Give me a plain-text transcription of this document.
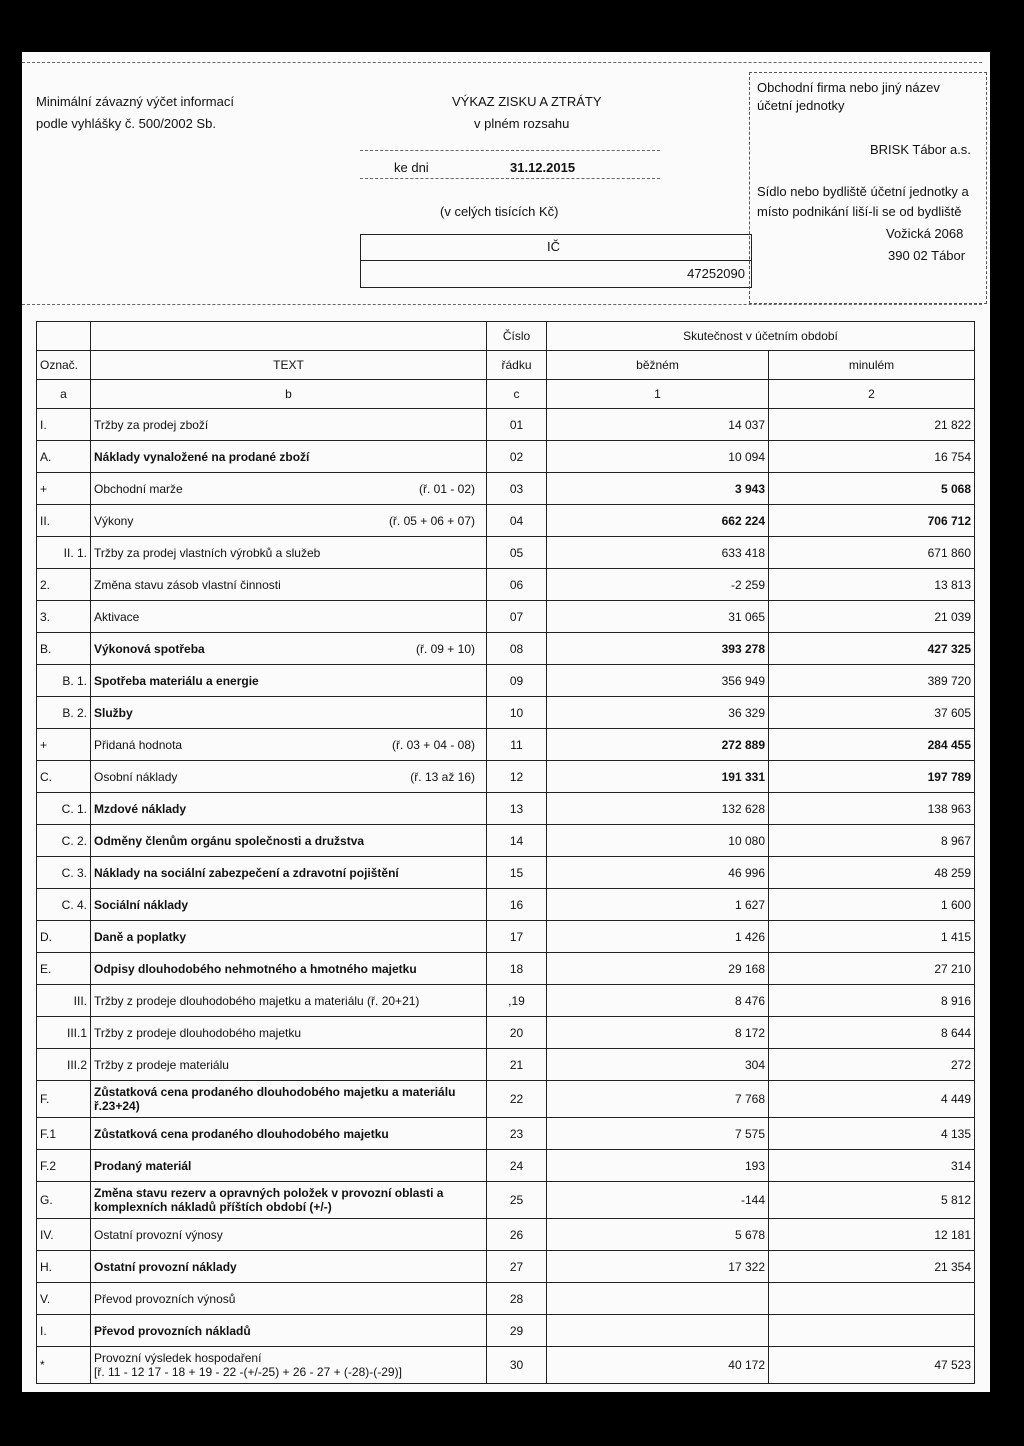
Minimální závazný výčet informací
podle vyhlášky č. 500/2002 Sb.
VÝKAZ ZISKU A ZTRÁTY
v plném rozsahu
ke dni	31.12.2015
(v celých tisících Kč)
IČ
47252090
Obchodní firma nebo jiný název
účetní jednotky
BRISK Tábor a.s.
Sídlo nebo bydliště účetní jednotky a
místo podnikání liší-li se od bydliště
Vožická 2068
390 02 Tábor
		Číslo	Skutečnost v účetním období	
Označ.	TEXT	řádku	běžném	minulém
a	b	c	1	2
I.	Tržby za prodej zboží	01	14 037	21 822
A.	Náklady vynaložené na prodané zboží	02	10 094	16 754
+	Obchodní marže (ř. 01 - 02)	03	3 943	5 068
II.	Výkony (ř. 05 + 06 + 07)	04	662 224	706 712
II. 1.	Tržby za prodej vlastních výrobků a služeb	05	633 418	671 860
2.	Změna stavu zásob vlastní činnosti	06	-2 259	13 813
3.	Aktivace	07	31 065	21 039
B.	Výkonová spotřeba (ř. 09 + 10)	08	393 278	427 325
B. 1.	Spotřeba materiálu a energie	09	356 949	389 720
B. 2.	Služby	10	36 329	37 605
+	Přidaná hodnota (ř. 03 + 04 - 08)	11	272 889	284 455
C.	Osobní náklady (ř. 13 až 16)	12	191 331	197 789
C. 1.	Mzdové náklady	13	132 628	138 963
C. 2.	Odměny členům orgánu společnosti a družstva	14	10 080	8 967
C. 3.	Náklady na sociální zabezpečení a zdravotní pojištění	15	46 996	48 259
C. 4.	Sociální náklady	16	1 627	1 600
D.	Daně a poplatky	17	1 426	1 415
E.	Odpisy dlouhodobého nehmotného a hmotného majetku	18	29 168	27 210
III.	Tržby z prodeje dlouhodobého majetku a materiálu (ř. 20+21)	,19	8 476	8 916
III.1	Tržby z prodeje dlouhodobého majetku	20	8 172	8 644
III.2	Tržby z prodeje materiálu	21	304	272
F.	Zůstatková cena prodaného dlouhodobého majetku a materiálu
ř.23+24)	22	7 768	4 449
F.1	Zůstatková cena prodaného dlouhodobého majetku	23	7 575	4 135
F.2	Prodaný materiál	24	193	314
G.	Změna stavu rezerv a opravných položek v provozní oblasti a
komplexních nákladů příštích období (+/-)	25	-144	5 812
IV.	Ostatní provozní výnosy	26	5 678	12 181
H.	Ostatní provozní náklady	27	17 322	21 354
V.	Převod provozních výnosů	28		
I.	Převod provozních nákladů	29		
*	Provozní výsledek hospodaření
[ř. 11 - 12 17 - 18 + 19 - 22 -(+/-25) + 26 - 27 + (-28)-(-29)]	30	40 172	47 523
